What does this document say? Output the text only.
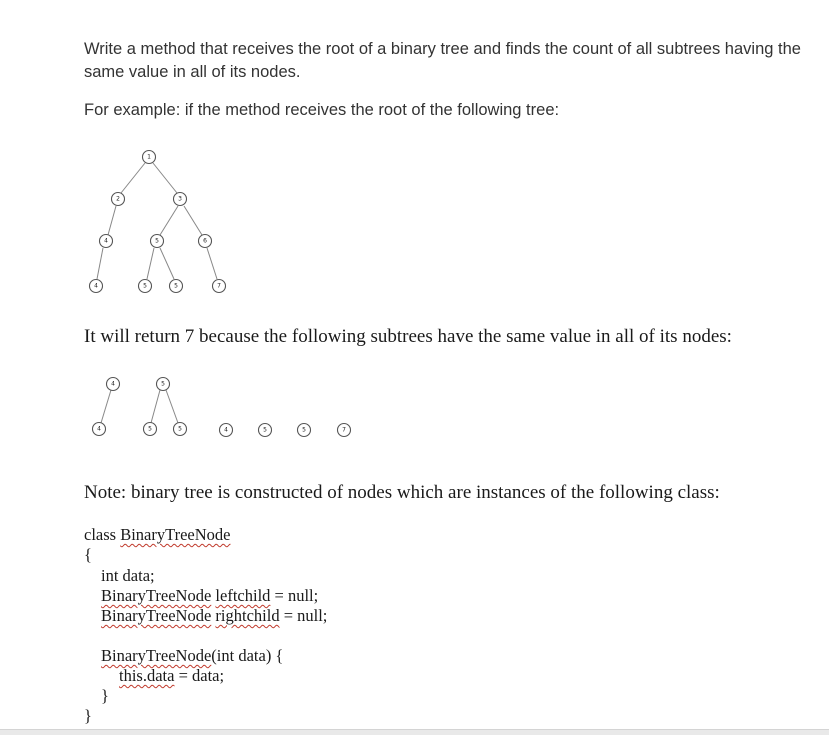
Write a method that receives the root of a binary tree and finds the count of all subtrees having the same value in all of its nodes.

For example: if the method receives the root of the following tree:

1
2	3
4	5	6
4	5	5	7
4
4
5
5	5	4	5	5	7

It will return 7 because the following subtrees have the same value in all of its nodes:

Note: binary tree is constructed of nodes which are instances of the following class:

class BinaryTreeNode
{
int data;
BinaryTreeNode leftchild = null;
BinaryTreeNode rightchild = null;
BinaryTreeNode(int data) {
this.data = data;
}
}
